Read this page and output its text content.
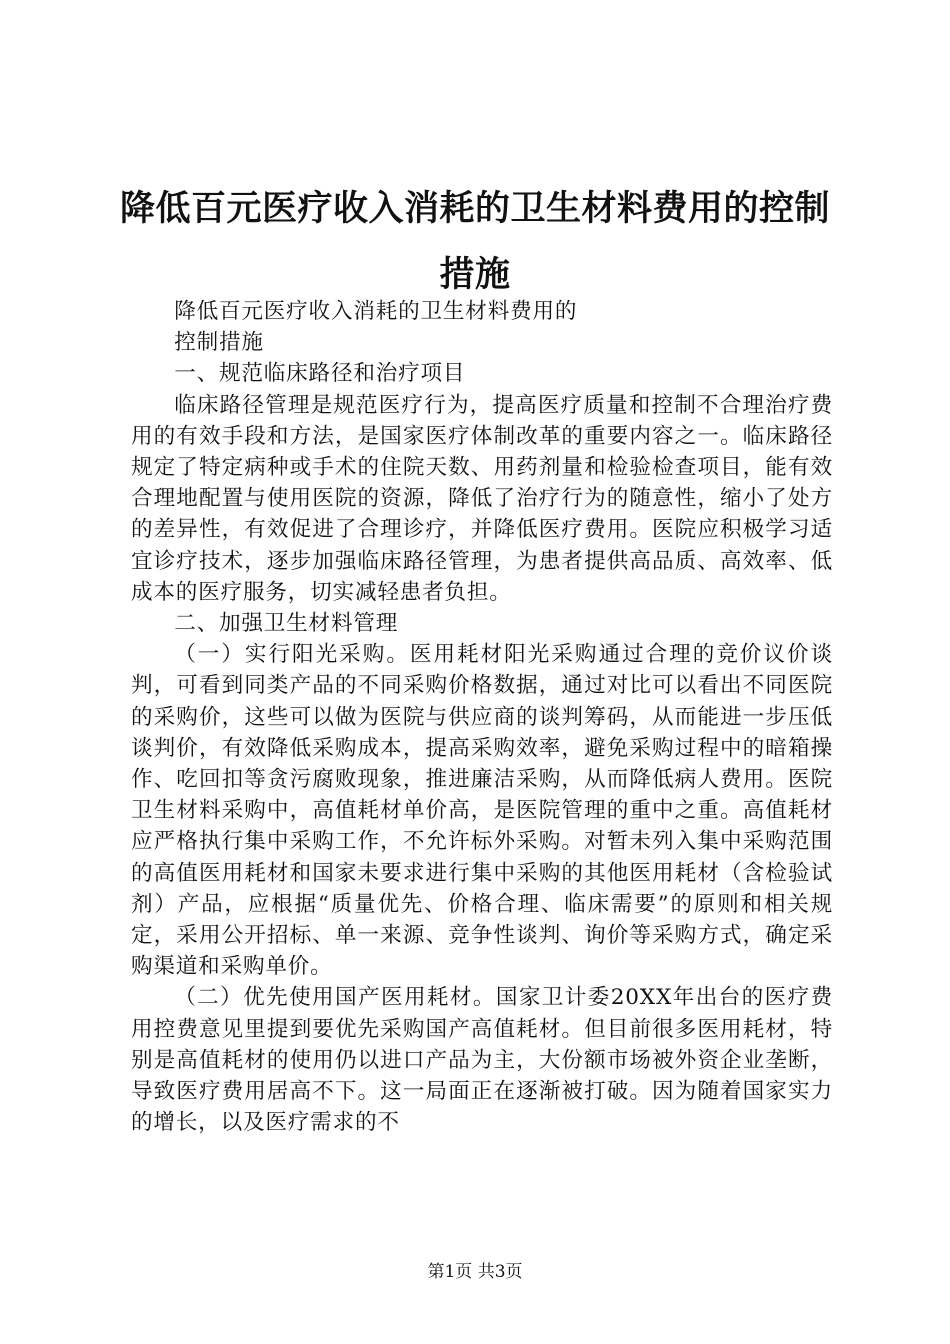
降低百元医疗收入消耗的卫生材料费用的控制措施

降低百元医疗收入消耗的卫生材料费用的

控制措施

一、规范临床路径和治疗项目

临床路径管理是规范医疗行为，提高医疗质量和控制不合理治疗费用的有效手段和方法，是国家医疗体制改革的重要内容之一。临床路径规定了特定病种或手术的住院天数、用药剂量和检验检查项目，能有效合理地配置与使用医院的资源，降低了治疗行为的随意性，缩小了处方的差异性，有效促进了合理诊疗，并降低医疗费用。医院应积极学习适宜诊疗技术，逐步加强临床路径管理，为患者提供高品质、高效率、低成本的医疗服务，切实减轻患者负担。

二、加强卫生材料管理

（一）实行阳光采购。医用耗材阳光采购通过合理的竞价议价谈判，可看到同类产品的不同采购价格数据，通过对比可以看出不同医院的采购价，这些可以做为医院与供应商的谈判筹码，从而能进一步压低谈判价，有效降低采购成本，提高采购效率，避免采购过程中的暗箱操作、吃回扣等贪污腐败现象，推进廉洁采购，从而降低病人费用。医院卫生材料采购中，高值耗材单价高，是医院管理的重中之重。高值耗材应严格执行集中采购工作，不允许标外采购。对暂未列入集中采购范围的高值医用耗材和国家未要求进行集中采购的其他医用耗材（含检验试剂）产品，应根据“质量优先、价格合理、临床需要”的原则和相关规定，采用公开招标、单一来源、竞争性谈判、询价等采购方式，确定采购渠道和采购单价。

（二）优先使用国产医用耗材。国家卫计委20XX年出台的医疗费用控费意见里提到要优先采购国产高值耗材。但目前很多医用耗材，特别是高值耗材的使用仍以进口产品为主，大份额市场被外资企业垄断，导致医疗费用居高不下。这一局面正在逐渐被打破。因为随着国家实力的增长，以及医疗需求的不

第1页 共3页
